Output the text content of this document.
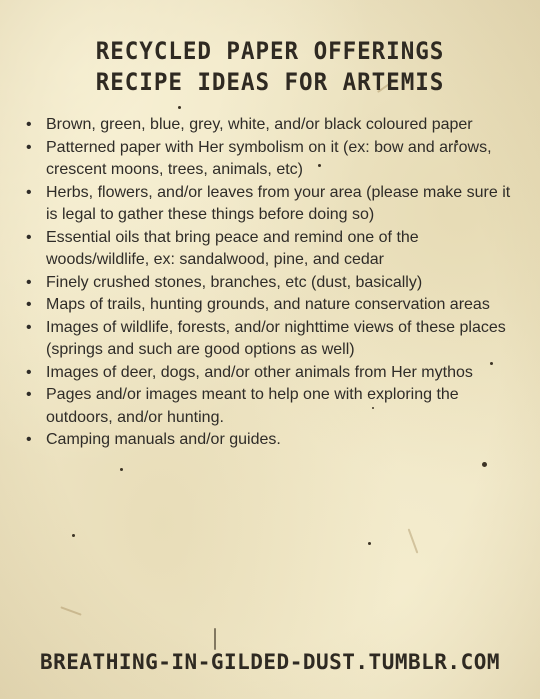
RECYCLED PAPER OFFERINGS
RECIPE IDEAS FOR ARTEMIS
• Brown, green, blue, grey, white, and/or black coloured paper
• Patterned paper with Her symbolism on it (ex: bow and arrows, crescent moons, trees, animals, etc)
• Herbs, flowers, and/or leaves from your area (please make sure it is legal to gather these things before doing so)
• Essential oils that bring peace and remind one of the woods/wildlife, ex: sandalwood, pine, and cedar
• Finely crushed stones, branches, etc (dust, basically)
• Maps of trails, hunting grounds, and nature conservation areas
• Images of wildlife, forests, and/or nighttime views of these places (springs and such are good options as well)
• Images of deer, dogs, and/or other animals from Her mythos
• Pages and/or images meant to help one with exploring the outdoors, and/or hunting.
• Camping manuals and/or guides.
BREATHING-IN-GILDED-DUST.TUMBLR.COM
